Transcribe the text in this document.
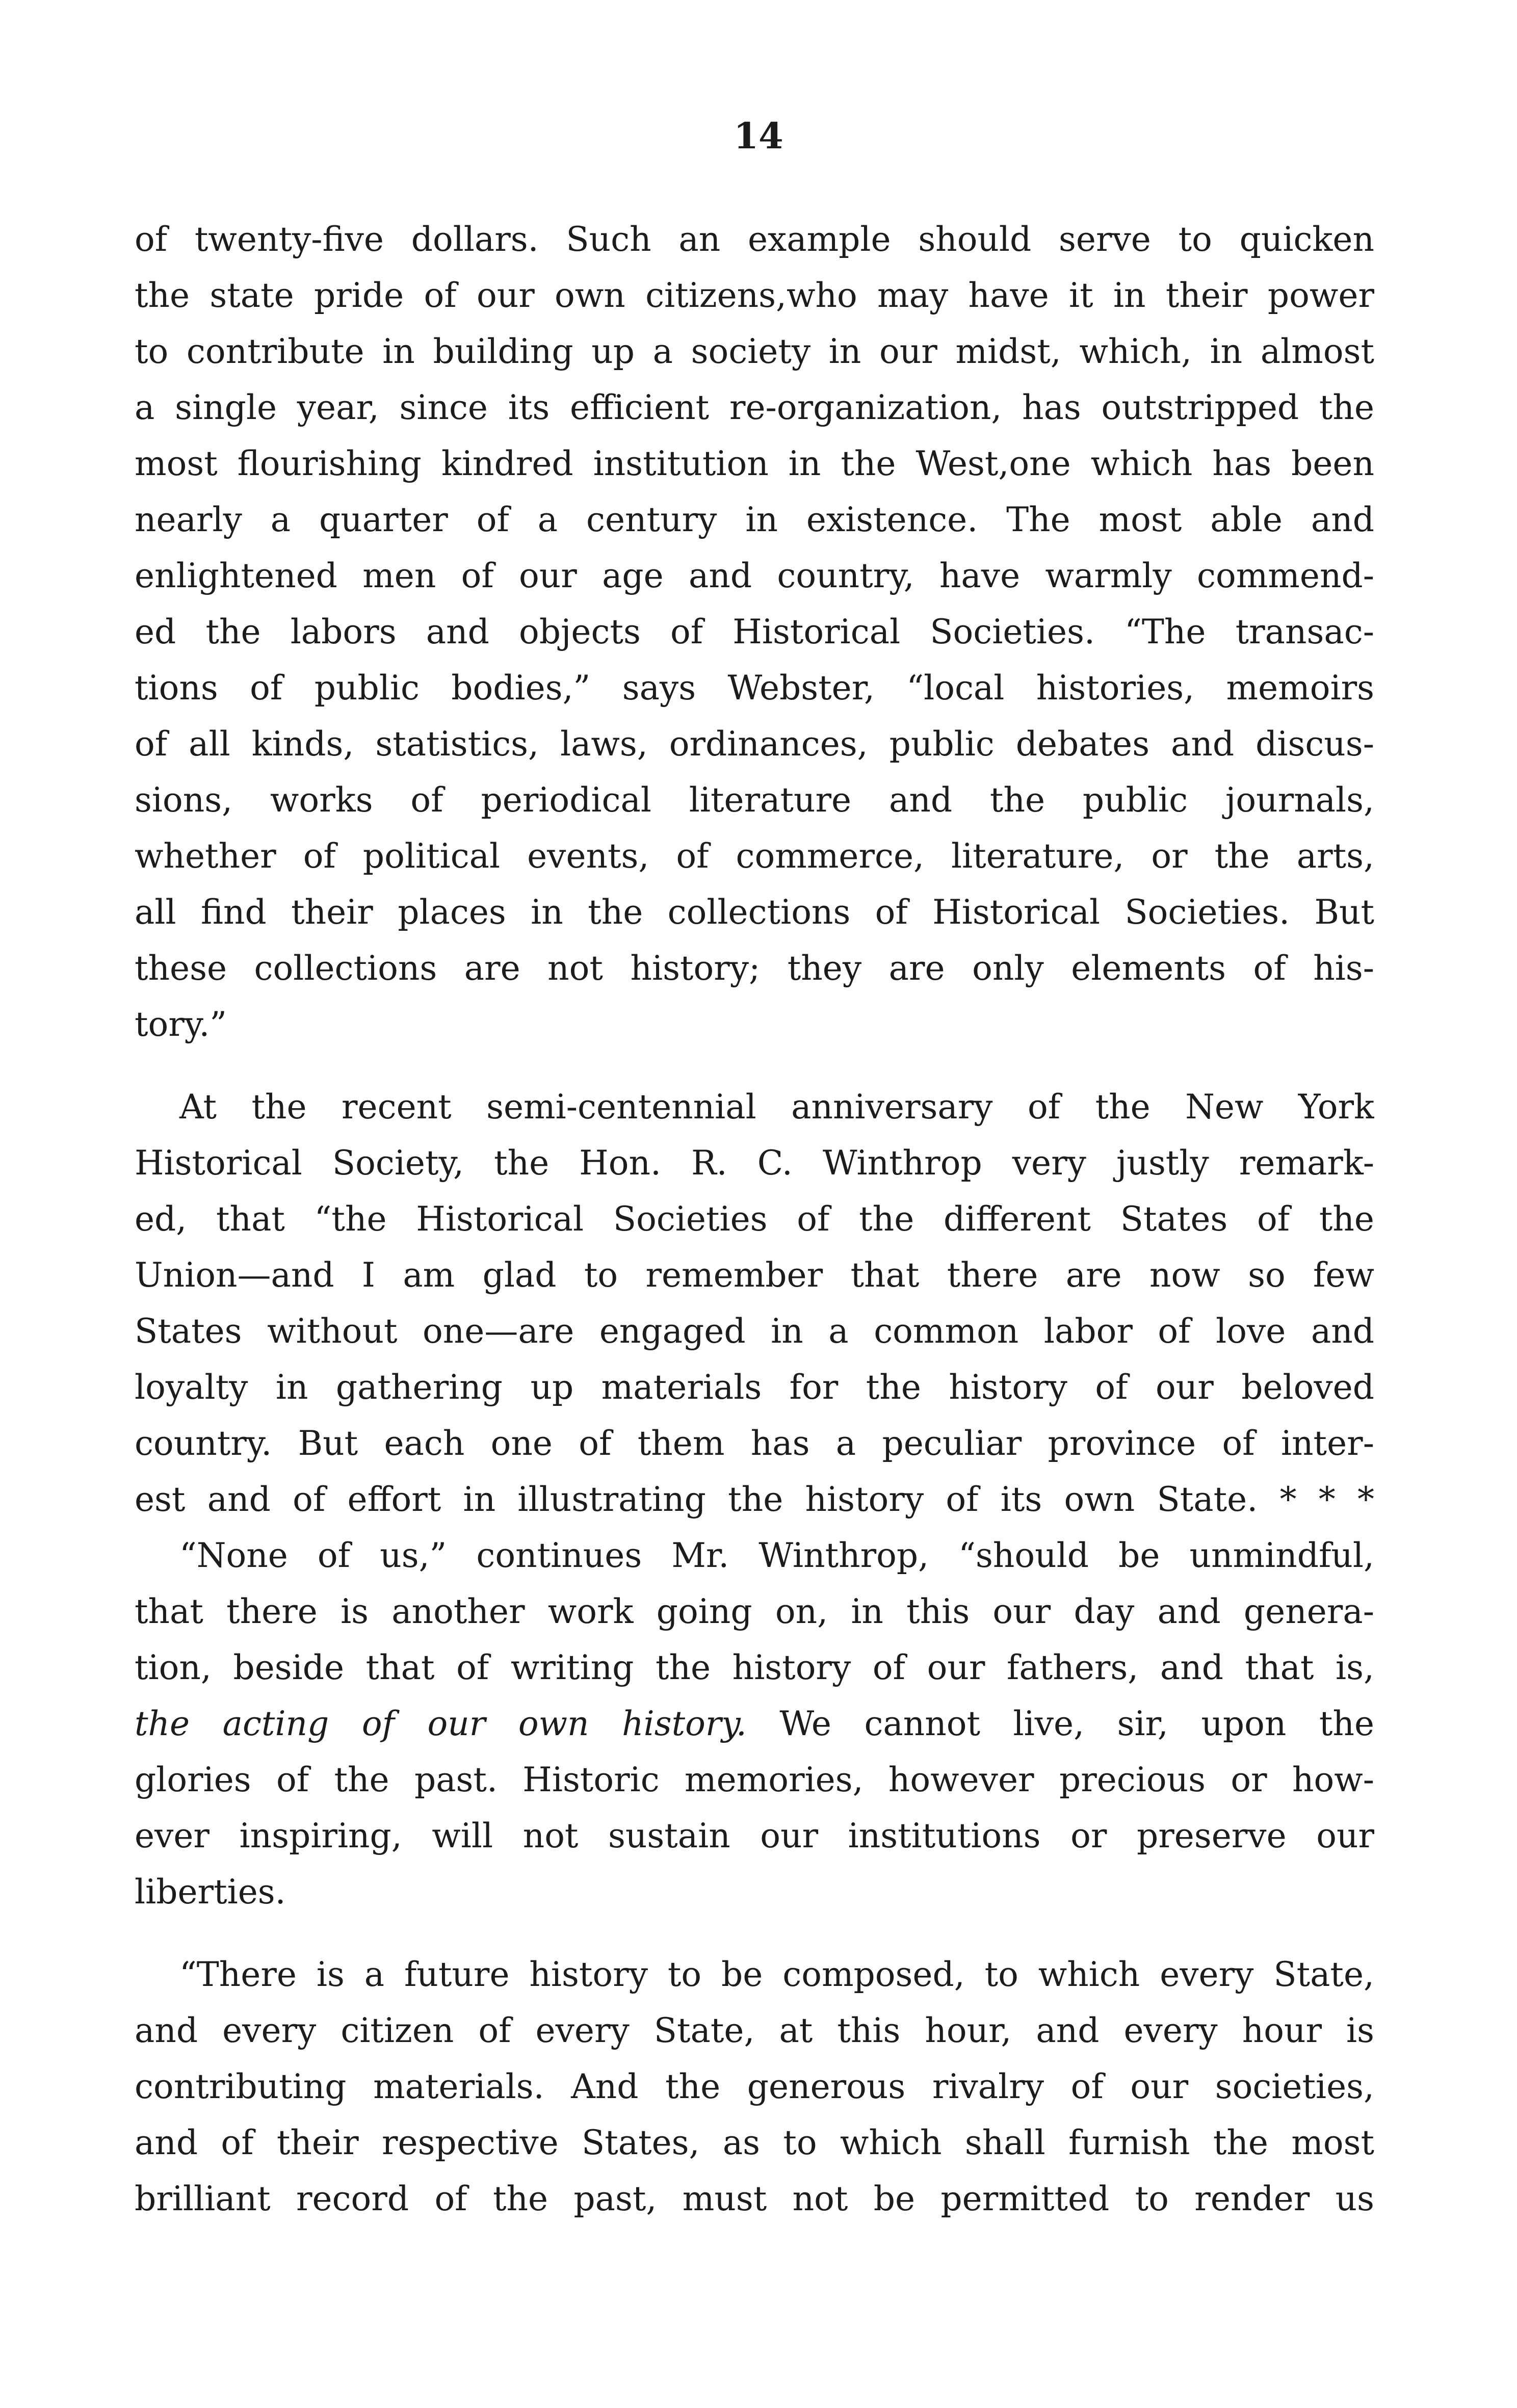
14
of twenty-five dollars. Such an example should serve to quicken
the state pride of our own citizens,who may have it in their power
to contribute in building up a society in our midst, which, in almost
a single year, since its efficient re-organization, has outstripped the
most flourishing kindred institution in the West,one which has been
nearly a quarter of a century in existence. The most able and
enlightened men of our age and country, have warmly commend-
ed the labors and objects of Historical Societies. “The transac-
tions of public bodies,” says Webster, “local histories, memoirs
of all kinds, statistics, laws, ordinances, public debates and discus-
sions, works of periodical literature and the public journals,
whether of political events, of commerce, literature, or the arts,
all find their places in the collections of Historical Societies. But
these collections are not history; they are only elements of his-
tory.”
At the recent semi-centennial anniversary of the New York
Historical Society, the Hon. R. C. Winthrop very justly remark-
ed, that “the Historical Societies of the different States of the
Union—and I am glad to remember that there are now so few
States without one—are engaged in a common labor of love and
loyalty in gathering up materials for the history of our beloved
country. But each one of them has a peculiar province of inter-
est and of effort in illustrating the history of its own State. * * *
“None of us,” continues Mr. Winthrop, “should be unmindful,
that there is another work going on, in this our day and genera-
tion, beside that of writing the history of our fathers, and that is,
the acting of our own history. We cannot live, sir, upon the
glories of the past. Historic memories, however precious or how-
ever inspiring, will not sustain our institutions or preserve our
liberties.
“There is a future history to be composed, to which every State,
and every citizen of every State, at this hour, and every hour is
contributing materials. And the generous rivalry of our societies,
and of their respective States, as to which shall furnish the most
brilliant record of the past, must not be permitted to render us
